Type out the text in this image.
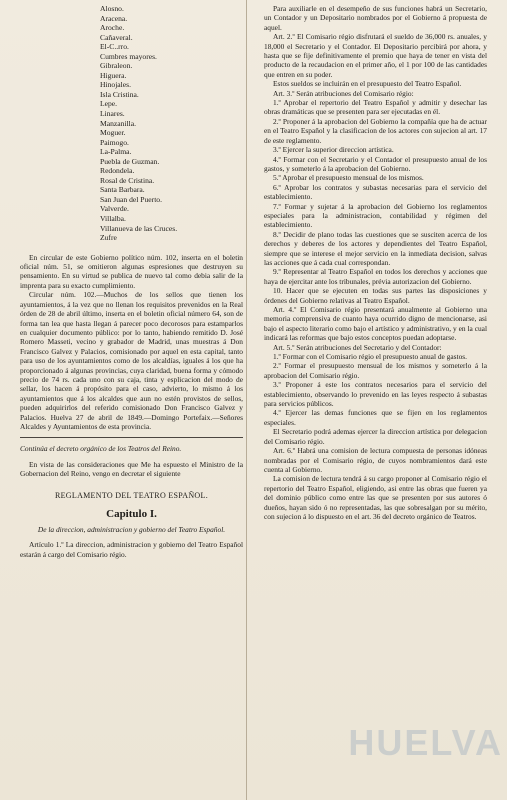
Alosno.
Aracena.
Aroche.
Cañaveral.
El-C..rro.
Cumbres mayores.
Gibraleon.
Higuera.
Hinojales.
Isla Cristina.
Lepe.
Linares.
Manzanilla.
Moguer.
Paimogo.
La-Palma.
Puebla de Guzman.
Redondela.
Rosal de Cristina.
Santa Barbara.
San Juan del Puerto.
Valverde.
Villalba.
Villanueva de las Cruces.
Zufre

En circular de este Gobierno político núm. 102, inserta en el boletin oficial núm. 51, se omitieron algunas espresiones que destruyen su pensamiento. En su virtud se publica de nuevo tal como debia salir de la imprenta para su exacto cumplimiento.

Circular núm. 102.—Muchos de los sellos que tienen los ayuntamientos, á la vez que no llenan los requisitos prevenidos en la Real órden de 28 de abril último, inserta en el boletin oficial número 64, son de forma tan lea que hasta llegan á parecer poco decorosos para estamparlos en cualquier documento público: por lo tanto, habiendo remitido D. José Romero Masseti, vecino y grabador de Madrid, unas muestras á Don Francisco Galvez y Palacios, comisionado por aquel en esta capital, tanto para uso de los ayuntamientos como de los alcaldías, iguales á los que ha proporcionado á algunas provincias, cuya claridad, buena forma y cómodo precio de 74 rs. cada uno con su caja, tinta y esplicacion del modo de sellar, los hacen á propósito para el caso, advierto, lo mismo á los ayuntamientos que á los alcaldes que aun no estén provistos de sellos, pueden adquirirlos del referido comisionado Don Francisco Galvez y Palacios. Huelva 27 de abril de 1849.—Domingo Portefaix.—Señores Alcaldes y Ayuntamientos de esta provincia.

Continúa el decreto orgánico de los Teatros del Reino.

En vista de las consideraciones que Me ha espuesto el Ministro de la Gobernacion del Reino, vengo en decretar el siguiente

REGLAMENTO DEL TEATRO ESPAÑOL.

Capitulo I.

De la direccion, administracion y gobierno del Teatro Español.

Artículo 1.º La direccion, administracion y gobierno del Teatro Español estarán á cargo del Comisario régio.

Para auxiliarle en el desempeño de sus funciones habrá un Secretario, un Contador y un Depositario nombrados por el Gobierno á propuesta de aquel.

Art. 2.º El Comisario régio disfrutará el sueldo de 36,000 rs. anuales, y 18,000 el Secretario y el Contador. El Depositario percibirá por ahora, y hasta que se fije definitivamente el premio que haya de tener en vista del producto de la recaudacion en el primer año, el 1 por 100 de las cantidades que entren en su poder.

Estos sueldos se incluirán en el presupuesto del Teatro Español.

Art. 3.º Serán atribuciones del Comisario régio:

1.º Aprobar el repertorio del Teatro Español y admitir y desechar las obras dramáticas que se presenten para ser ejecutadas en él.

2.º Proponer á la aprobacion del Gobierno la compañía que ha de actuar en el Teatro Español y la clasificacion de los actores con sujecion al art. 17 de este reglamento.

3.º Ejercer la superior direccion artística.

4.º Formar con el Secretario y el Contador el presupuesto anual de los gastos, y someterlo á la aprobacion del Gobierno.

5.º Aprobar el presupuesto mensual de los mismos.

6.º Aprobar los contratos y subastas necesarias para el servicio del establecimiento.

7.º Formar y sujetar á la aprobacion del Gobierno los reglamentos especiales para la administracion, contabilidad y régimen del establecimiento.

8.º Decidir de plano todas las cuestiones que se susciten acerca de los derechos y deberes de los actores y dependientes del Teatro Español, siempre que se interese el mejor servicio en la inmediata decision, salvas las acciones que á cada cual correspondan.

9.º Representar al Teatro Español en todos los derechos y acciones que haya de ejercitar ante los tribunales, prévia autorizacion del Gobierno.

10. Hacer que se ejecuten en todas sus partes las disposiciones y órdenes del Gobierno relativas al Teatro Español.

Art. 4.º El Comisario régio presentará anualmente al Gobierno una memoria comprensiva de cuanto haya ocurrido digno de mencionarse, asi bajo el aspecto literario como bajo el artístico y administrativo, y en la cual indicará las reformas que bajo estos conceptos puedan adoptarse.

Art. 5.º Serán atribuciones del Secretario y del Contador:

1.º Formar con el Comisario régio el presupuesto anual de gastos.

2.º Formar el presupuesto mensual de los mismos y someterlo á la aprobacion del Comisario régio.

3.º Proponer á este los contratos necesarios para el servicio del establecimiento, observando lo prevenido en las leyes respecto á subastas para servicios públicos.

4.º Ejercer las demas funciones que se fijen en los reglamentos especiales.

El Secretario podrá ademas ejercer la direccion artística por delegacion del Comisario régio.

Art. 6.º Habrá una comision de lectura compuesta de personas idóneas nombradas por el Comisario régio, de cuyos nombramientos dará este cuenta al Gobierno.

La comision de lectura tendrá á su cargo proponer al Comisario régio el repertorio del Teatro Español, eligiendo, asi entre las obras que fueren ya del dominio público como entre las que se presenten por sus autores ó dueños, hayan sido ó no representadas, las que sobresalgan por su mérito, con sujecion á lo dispuesto en el art. 36 del decreto orgánico de Teatros.

HUELVA
